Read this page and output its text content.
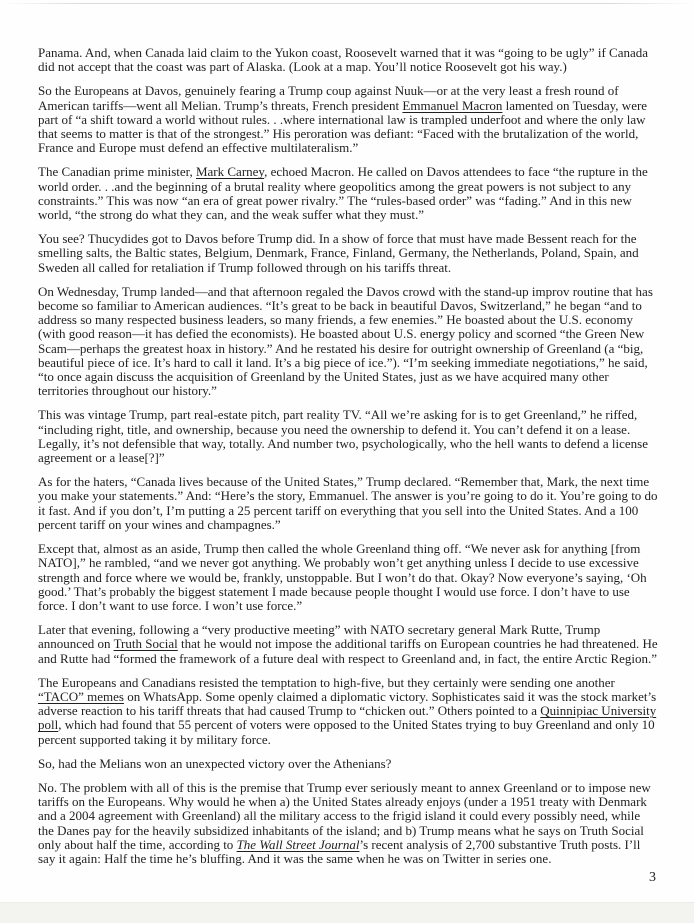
Panama. And, when Canada laid claim to the Yukon coast, Roosevelt warned that it was “going to be ugly” if Canada did not accept that the coast was part of Alaska. (Look at a map. You’ll notice Roosevelt got his way.)

So the Europeans at Davos, genuinely fearing a Trump coup against Nuuk—or at the very least a fresh round of American tariffs—went all Melian. Trump’s threats, French president Emmanuel Macron lamented on Tuesday, were part of “a shift toward a world without rules. . .where international law is trampled underfoot and where the only law that seems to matter is that of the strongest.” His peroration was defiant: “Faced with the brutalization of the world, France and Europe must defend an effective multilateralism.”

The Canadian prime minister, Mark Carney, echoed Macron. He called on Davos attendees to face “the rupture in the world order. . .and the beginning of a brutal reality where geopolitics among the great powers is not subject to any constraints.” This was now “an era of great power rivalry.” The “rules-based order” was “fading.” And in this new world, “the strong do what they can, and the weak suffer what they must.”

You see? Thucydides got to Davos before Trump did. In a show of force that must have made Bessent reach for the smelling salts, the Baltic states, Belgium, Denmark, France, Finland, Germany, the Netherlands, Poland, Spain, and Sweden all called for retaliation if Trump followed through on his tariffs threat.

On Wednesday, Trump landed—and that afternoon regaled the Davos crowd with the stand-up improv routine that has become so familiar to American audiences. “It’s great to be back in beautiful Davos, Switzerland,” he began “and to address so many respected business leaders, so many friends, a few enemies.” He boasted about the U.S. economy (with good reason—it has defied the economists). He boasted about U.S. energy policy and scorned “the Green New Scam—perhaps the greatest hoax in history.” And he restated his desire for outright ownership of Greenland (a “big, beautiful piece of ice. It’s hard to call it land. It’s a big piece of ice.”). “I’m seeking immediate negotiations,” he said, “to once again discuss the acquisition of Greenland by the United States, just as we have acquired many other territories throughout our history.”

This was vintage Trump, part real-estate pitch, part reality TV. “All we’re asking for is to get Greenland,” he riffed, “including right, title, and ownership, because you need the ownership to defend it. You can’t defend it on a lease. Legally, it’s not defensible that way, totally. And number two, psychologically, who the hell wants to defend a license agreement or a lease[?]”

As for the haters, “Canada lives because of the United States,” Trump declared. “Remember that, Mark, the next time you make your statements.” And: “Here’s the story, Emmanuel. The answer is you’re going to do it. You’re going to do it fast. And if you don’t, I’m putting a 25 percent tariff on everything that you sell into the United States. And a 100 percent tariff on your wines and champagnes.”

Except that, almost as an aside, Trump then called the whole Greenland thing off. “We never ask for anything [from NATO],” he rambled, “and we never got anything. We probably won’t get anything unless I decide to use excessive strength and force where we would be, frankly, unstoppable. But I won’t do that. Okay? Now everyone’s saying, ‘Oh good.’ That’s probably the biggest statement I made because people thought I would use force. I don’t have to use force. I don’t want to use force. I won’t use force.”

Later that evening, following a “very productive meeting” with NATO secretary general Mark Rutte, Trump announced on Truth Social that he would not impose the additional tariffs on European countries he had threatened. He and Rutte had “formed the framework of a future deal with respect to Greenland and, in fact, the entire Arctic Region.”

The Europeans and Canadians resisted the temptation to high-five, but they certainly were sending one another “TACO” memes on WhatsApp. Some openly claimed a diplomatic victory. Sophisticates said it was the stock market’s adverse reaction to his tariff threats that had caused Trump to “chicken out.” Others pointed to a Quinnipiac University poll, which had found that 55 percent of voters were opposed to the United States trying to buy Greenland and only 10 percent supported taking it by military force.

So, had the Melians won an unexpected victory over the Athenians?

No. The problem with all of this is the premise that Trump ever seriously meant to annex Greenland or to impose new tariffs on the Europeans. Why would he when a) the United States already enjoys (under a 1951 treaty with Denmark and a 2004 agreement with Greenland) all the military access to the frigid island it could every possibly need, while the Danes pay for the heavily subsidized inhabitants of the island; and b) Trump means what he says on Truth Social only about half the time, according to The Wall Street Journal’s recent analysis of 2,700 substantive Truth posts. I’ll say it again: Half the time he’s bluffing. And it was the same when he was on Twitter in series one.

3
